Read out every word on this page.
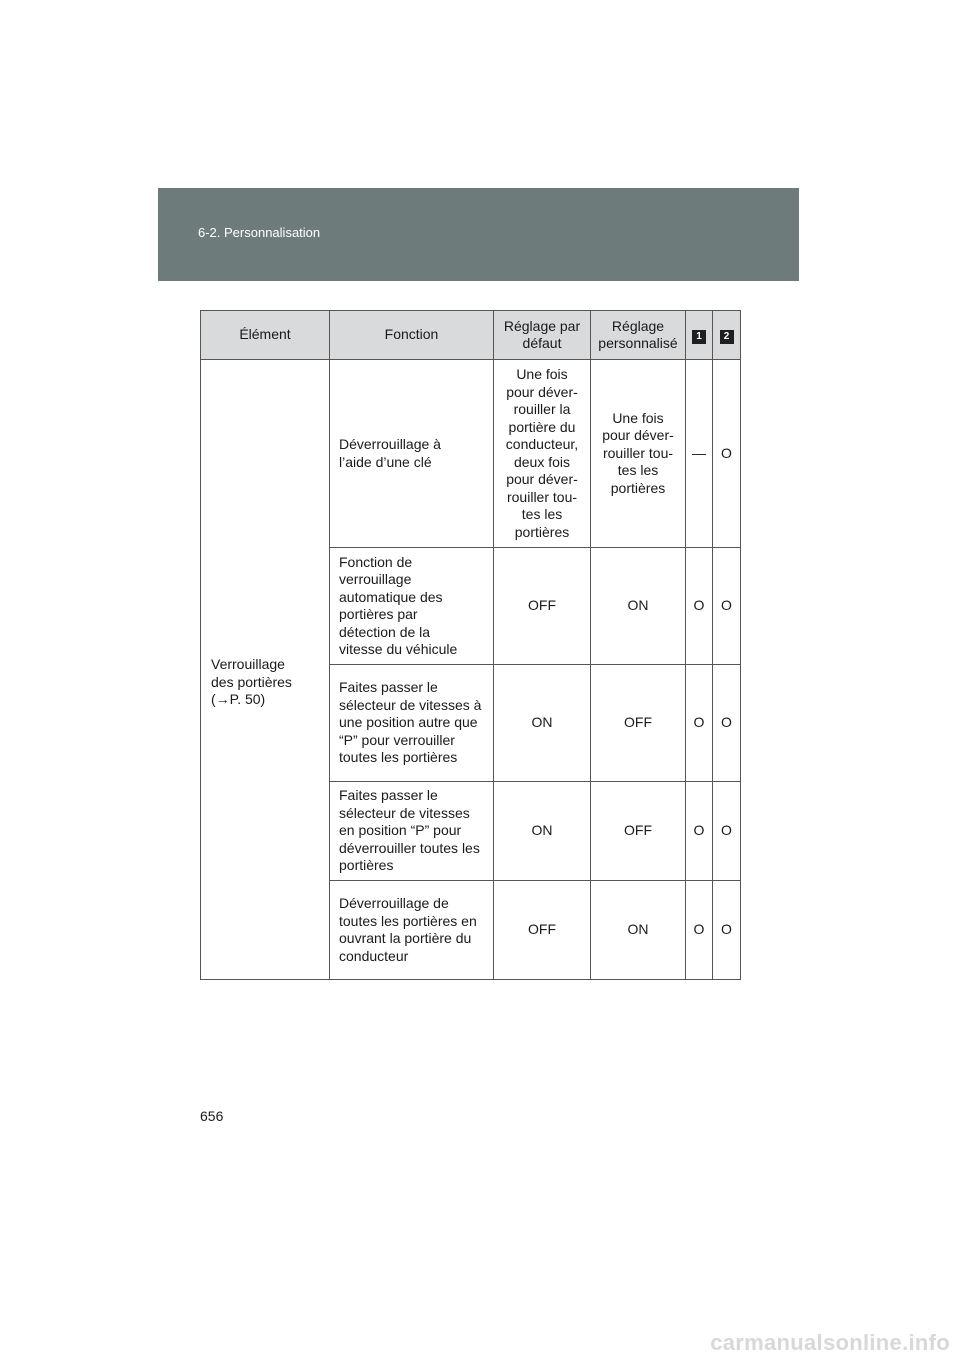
6-2. Personnalisation
Élément	Fonction	Réglage par défaut	Réglage personnalisé	1	2

Verrouillage des portières (→P. 50)	Déverrouillage à l’aide d’une clé	Une fois pour déver- rouiller la portière du conducteur, deux fois pour déver- rouiller tou- tes les portières	Une fois pour déver- rouiller tou- tes les portières	—	O

	Fonction de verrouillage automatique des portières par détection de la vitesse du véhicule	OFF	ON	O	O

	Faites passer le sélecteur de vitesses à une position autre que “P” pour verrouiller toutes les portières	ON	OFF	O	O

	Faites passer le sélecteur de vitesses en position “P” pour déverrouiller toutes les portières	ON	OFF	O	O

	Déverrouillage de toutes les portières en ouvrant la portière du conducteur	OFF	ON	O	O
656
carmanualsonline.info
